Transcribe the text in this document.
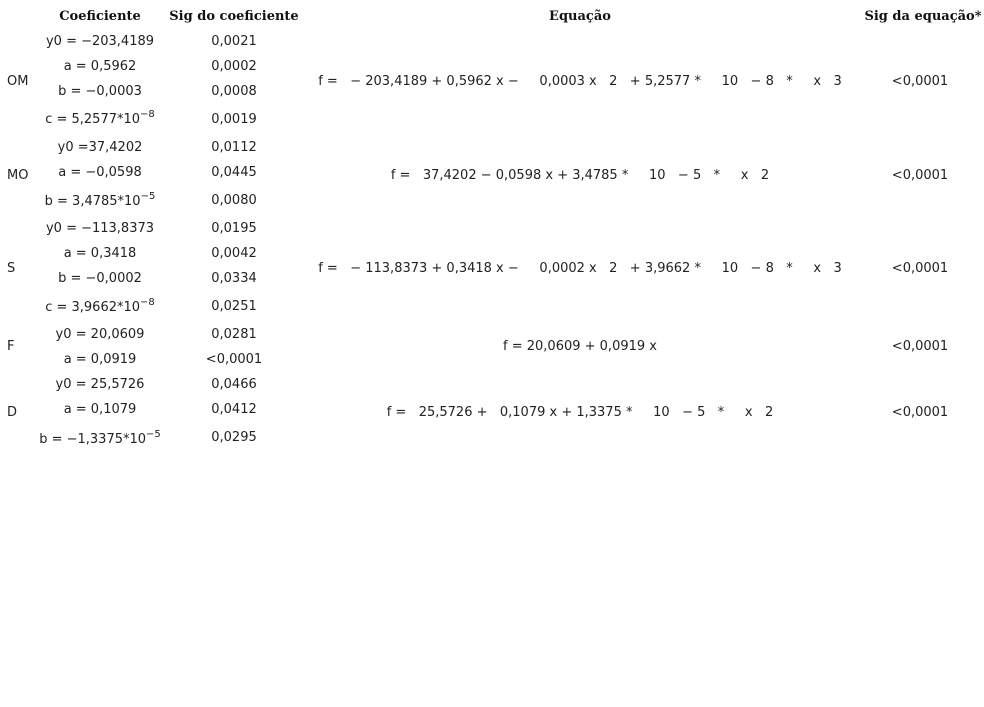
Coeficiente	Sig do coeficiente	Equação	Sig da equação*
OM
y0 = −203,4189	0,0021
a = 0,5962	0,0002
b = −0,0003	0,0008
$c = 5,2577*10^{-8}$	0,0019
f =   − 203,4189 + 0,5962 x −     0,0003 x   2   + 5,2577 *     10   − 8   *     x   3	<0,0001
MO
y0 =37,4202	0,0112
a = −0,0598	0,0445
$b = 3,4785*10^{-5}$	0,0080
f =   37,4202 − 0,0598 x + 3,4785 *     10   − 5   *     x   2	<0,0001
S
y0 = −113,8373	0,0195
a = 0,3418	0,0042
b = −0,0002	0,0334
$c = 3,9662*10^{-8}$	0,0251
f =   − 113,8373 + 0,3418 x −     0,0002 x   2   + 3,9662 *     10   − 8   *     x   3	<0,0001
F
y0 = 20,0609	0,0281
a = 0,0919	<0,0001
f = 20,0609 + 0,0919 x	<0,0001
D
y0 = 25,5726	0,0466
a = 0,1079	0,0412
$b = -1,3375*10^{-5}$	0,0295
f =   25,5726 +   0,1079 x + 1,3375 *     10   − 5   *     x   2	<0,0001
